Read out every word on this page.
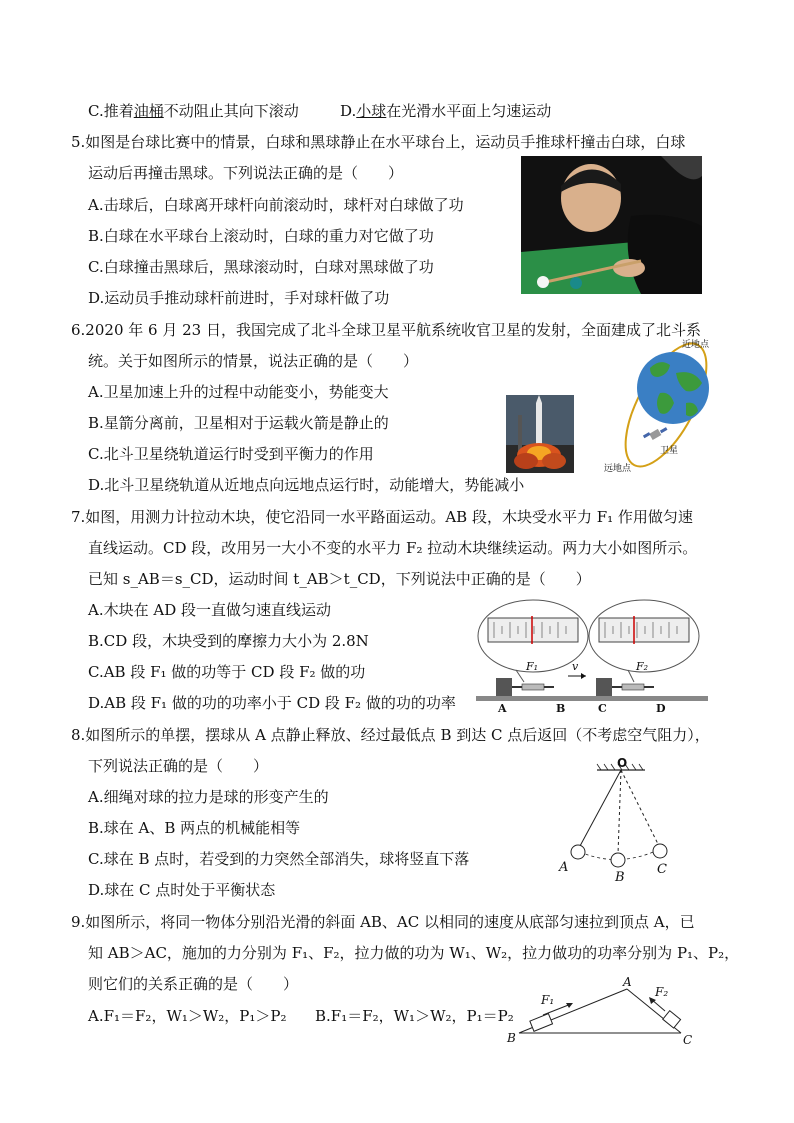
C.推着油桶不动阻止其向下滚动	D.小球在光滑水平面上匀速运动
5.如图是台球比赛中的情景，白球和黑球静止在水平球台上，运动员手推球杆撞击白球，白球
运动后再撞击黑球。下列说法正确的是（　　）
A.击球后，白球离开球杆向前滚动时，球杆对白球做了功
B.白球在水平球台上滚动时，白球的重力对它做了功
C.白球撞击黑球后，黑球滚动时，白球对黑球做了功
D.运动员手推动球杆前进时，手对球杆做了功
6.2020 年 6 月 23 日，我国完成了北斗全球卫星平航系统收官卫星的发射，全面建成了北斗系
统。关于如图所示的情景，说法正确的是（　　）
A.卫星加速上升的过程中动能变小，势能变大
B.星箭分离前，卫星相对于运载火箭是静止的
C.北斗卫星绕轨道运行时受到平衡力的作用
D.北斗卫星绕轨道从近地点向远地点运行时，动能增大，势能减小
近地点
远地点
卫星
7.如图，用测力计拉动木块，使它沿同一水平路面运动。AB 段，木块受水平力 F₁ 作用做匀速
直线运动。CD 段，改用另一大小不变的水平力 F₂ 拉动木块继续运动。两力大小如图所示。
已知 s_AB＝s_CD，运动时间 t_AB＞t_CD，下列说法中正确的是（　　）
A.木块在 AD 段一直做匀速直线运动
B.CD 段，木块受到的摩擦力大小为 2.8N
C.AB 段 F₁ 做的功等于 CD 段 F₂ 做的功
D.AB 段 F₁ 做的功的功率小于 CD 段 F₂ 做的功的功率
F₁	v	F₂
A	B	C	D
8.如图所示的单摆，摆球从 A 点静止释放、经过最低点 B 到达 C 点后返回（不考虑空气阻力），
下列说法正确的是（　　）
A.细绳对球的拉力是球的形变产生的
B.球在 A、B 两点的机械能相等
C.球在 B 点时，若受到的力突然全部消失，球将竖直下落
D.球在 C 点时处于平衡状态
O
A
B
C
9.如图所示，将同一物体分别沿光滑的斜面 AB、AC 以相同的速度从底部匀速拉到顶点 A，已
知 AB＞AC，施加的力分别为 F₁、F₂，拉力做的功为 W₁、W₂，拉力做功的功率分别为 P₁、P₂，
则它们的关系正确的是（　　）
A.F₁＝F₂，W₁＞W₂，P₁＞P₂ B.F₁＝F₂，W₁＞W₂，P₁＝P₂
A
B	C
F₁
F₂
